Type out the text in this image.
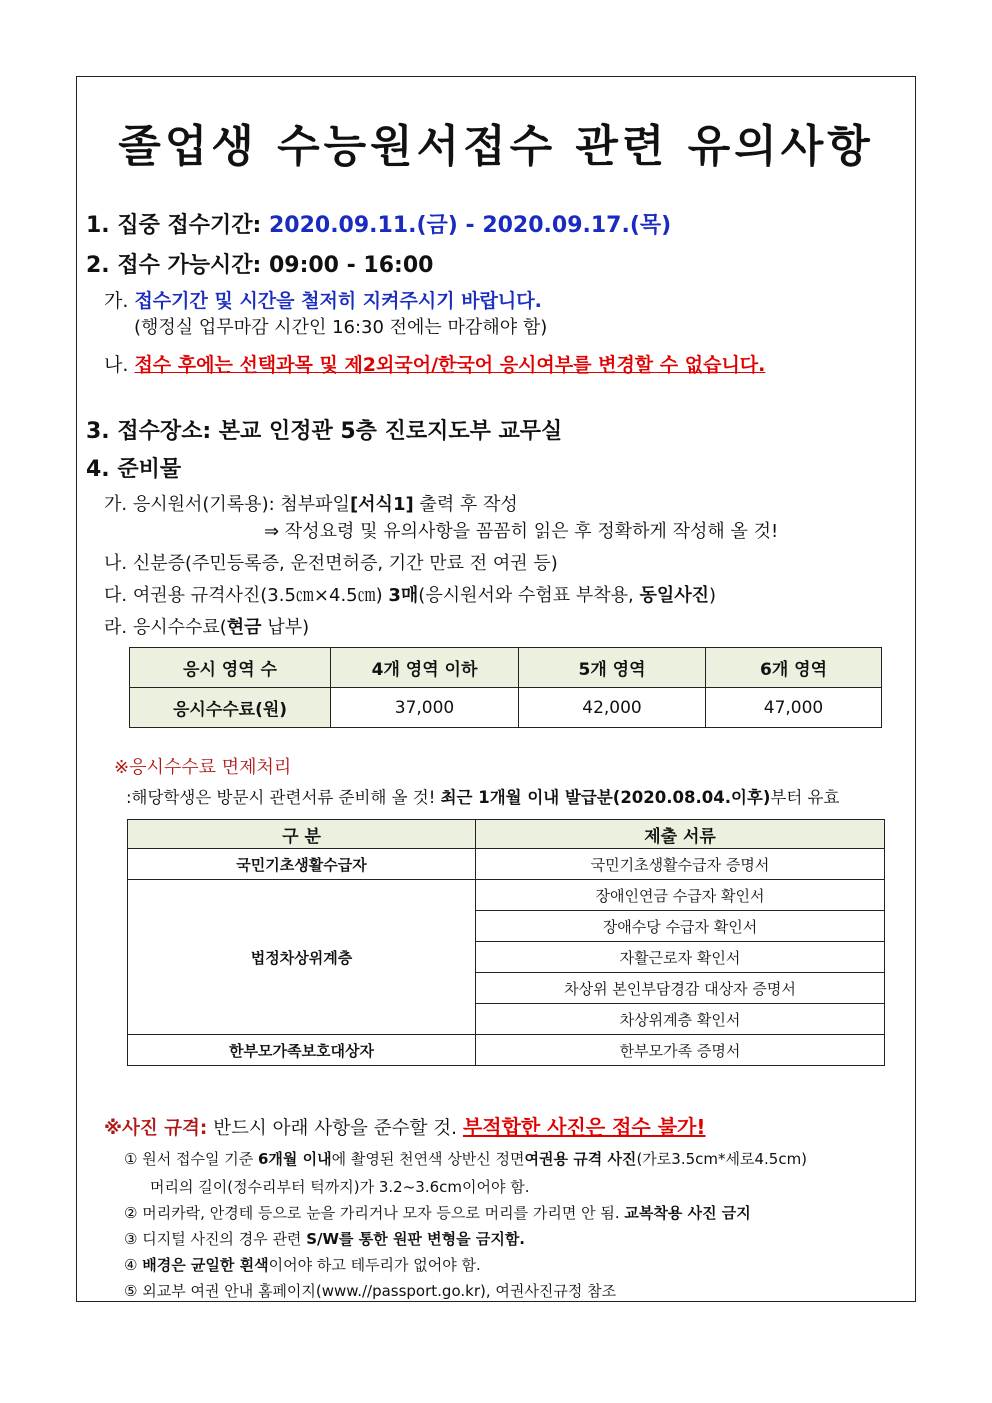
졸업생 수능원서접수 관련 유의사항
1. 집중 접수기간: 2020.09.11.(금) - 2020.09.17.(목)
2. 접수 가능시간: 09:00 - 16:00
가. 접수기간 및 시간을 철저히 지켜주시기 바랍니다.
(행정실 업무마감 시간인 16:30 전에는 마감해야 함)
나. 접수 후에는 선택과목 및 제2외국어/한국어 응시여부를 변경할 수 없습니다.
3. 접수장소: 본교 인정관 5층 진로지도부 교무실
4. 준비물
가. 응시원서(기록용): 첨부파일[서식1] 출력 후 작성
⇒ 작성요령 및 유의사항을 꼼꼼히 읽은 후 정확하게 작성해 올 것!
나. 신분증(주민등록증, 운전면허증, 기간 만료 전 여권 등)
다. 여권용 규격사진(3.5㎝×4.5㎝) 3매(응시원서와 수험표 부착용, 동일사진)
라. 응시수수료(현금 납부)
응시 영역 수	4개 영역 이하	5개 영역	6개 영역
응시수수료(원)	37,000	42,000	47,000
※응시수수료 면제처리
:해당학생은 방문시 관련서류 준비해 올 것! 최근 1개월 이내 발급분(2020.08.04.이후)부터 유효
구 분	제출 서류
국민기초생활수급자	국민기초생활수급자 증명서
법정차상위계층	장애인연금 수급자 확인서
	장애수당 수급자 확인서
	자활근로자 확인서
	차상위 본인부담경감 대상자 증명서
	차상위계층 확인서
한부모가족보호대상자	한부모가족 증명서
※사진 규격: 반드시 아래 사항을 준수할 것. 부적합한 사진은 접수 불가!
① 원서 접수일 기준 6개월 이내에 촬영된 천연색 상반신 정면여권용 규격 사진(가로3.5cm*세로4.5cm)
머리의 길이(정수리부터 턱까지)가 3.2~3.6cm이어야 함.
② 머리카락, 안경테 등으로 눈을 가리거나 모자 등으로 머리를 가리면 안 됨. 교복착용 사진 금지
③ 디지털 사진의 경우 관련 S/W를 통한 원판 변형을 금지함.
④ 배경은 균일한 흰색이어야 하고 테두리가 없어야 함.
⑤ 외교부 여권 안내 홈페이지(www.//passport.go.kr), 여권사진규정 참조
